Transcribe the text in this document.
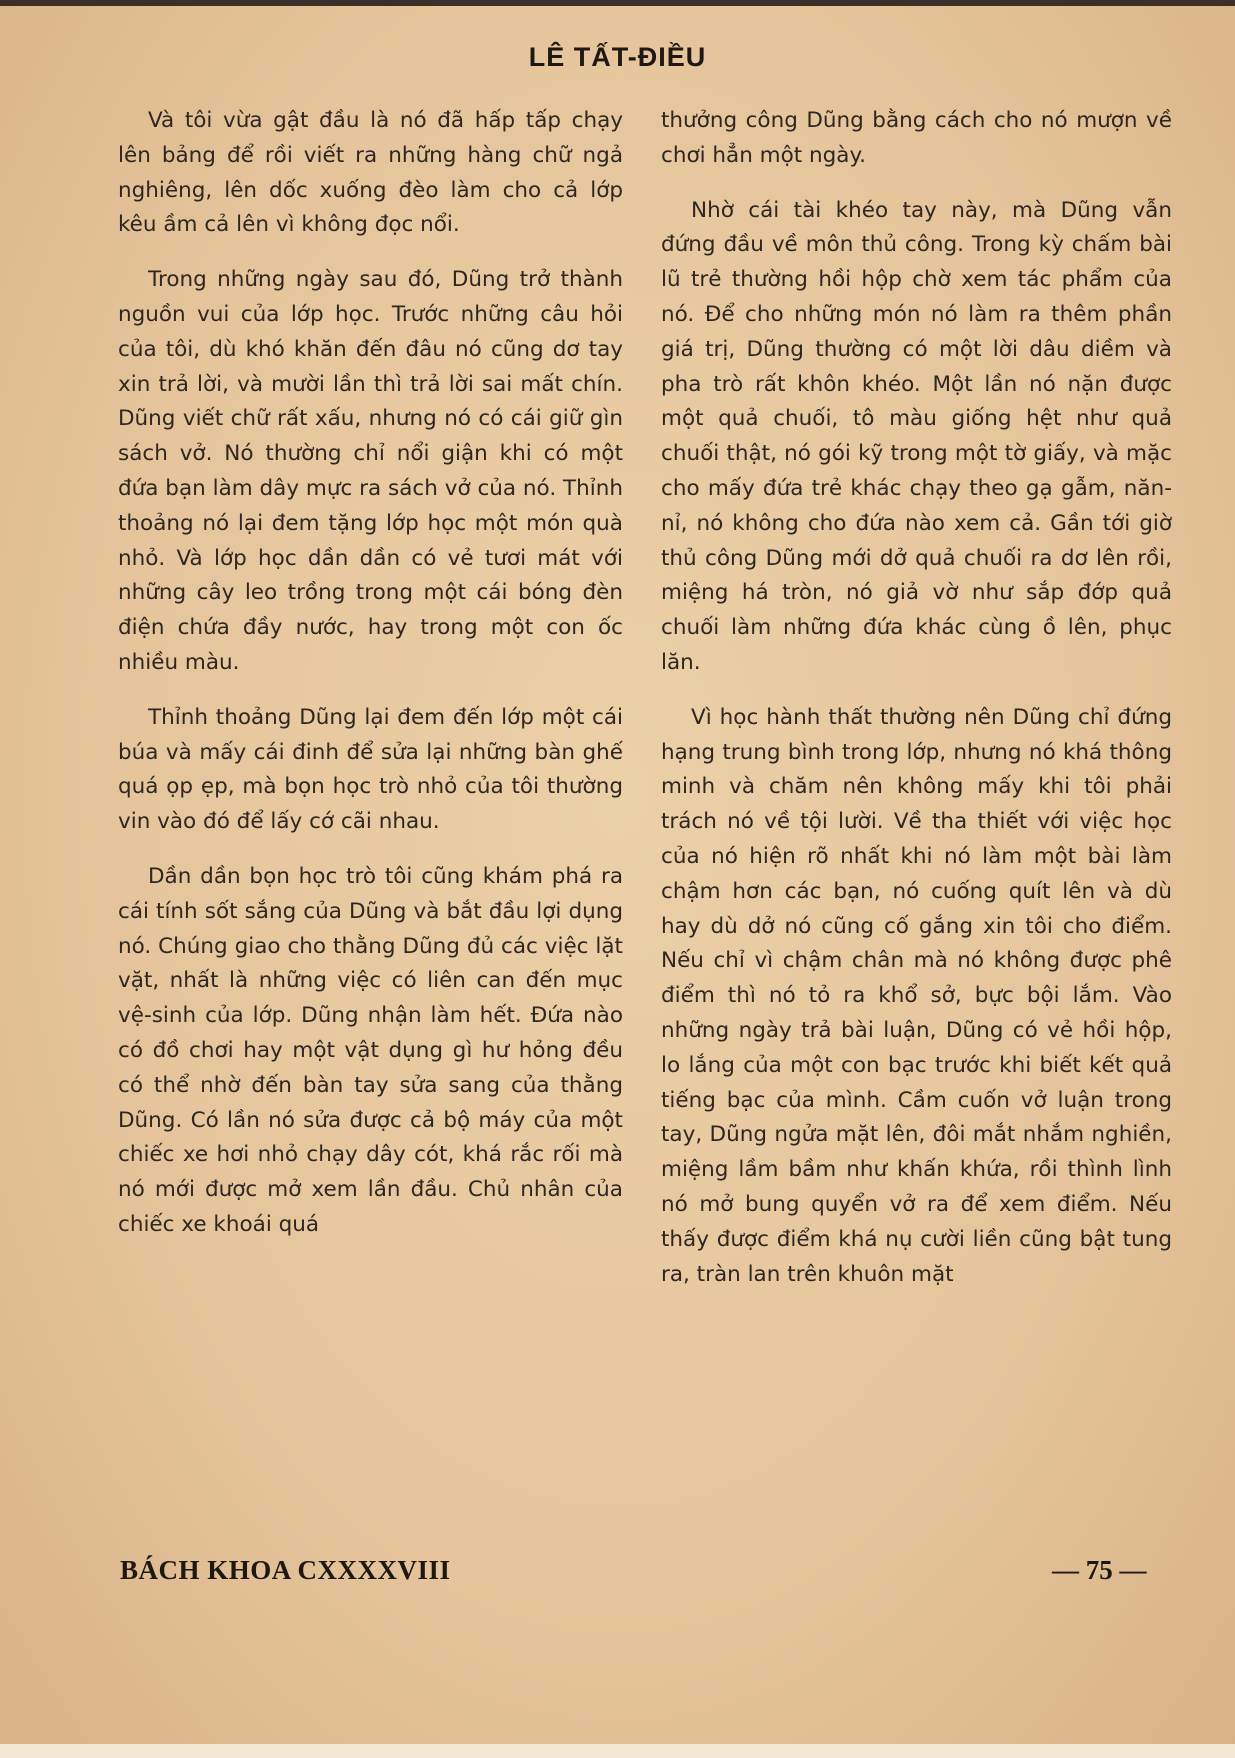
LÊ TẤT-ĐIỀU

Và tôi vừa gật đầu là nó đã hấp tấp chạy lên bảng để rồi viết ra những hàng chữ ngả nghiêng, lên dốc xuống đèo làm cho cả lớp kêu ầm cả lên vì không đọc nổi.

Trong những ngày sau đó, Dũng trở thành nguồn vui của lớp học. Trước những câu hỏi của tôi, dù khó khăn đến đâu nó cũng dơ tay xin trả lời, và mười lần thì trả lời sai mất chín. Dũng viết chữ rất xấu, nhưng nó có cái giữ gìn sách vở. Nó thường chỉ nổi giận khi có một đứa bạn làm dây mực ra sách vở của nó. Thỉnh thoảng nó lại đem tặng lớp học một món quà nhỏ. Và lớp học dần dần có vẻ tươi mát với những cây leo trồng trong một cái bóng đèn điện chứa đầy nước, hay trong một con ốc nhiều màu.

Thỉnh thoảng Dũng lại đem đến lớp một cái búa và mấy cái đinh để sửa lại những bàn ghế quá ọp ẹp, mà bọn học trò nhỏ của tôi thường vin vào đó để lấy cớ cãi nhau.

Dần dần bọn học trò tôi cũng khám phá ra cái tính sốt sắng của Dũng và bắt đầu lợi dụng nó. Chúng giao cho thằng Dũng đủ các việc lặt vặt, nhất là những việc có liên can đến mục vệ-sinh của lớp. Dũng nhận làm hết. Đứa nào có đồ chơi hay một vật dụng gì hư hỏng đều có thể nhờ đến bàn tay sửa sang của thằng Dũng. Có lần nó sửa được cả bộ máy của một chiếc xe hơi nhỏ chạy dây cót, khá rắc rối mà nó mới được mở xem lần đầu. Chủ nhân của chiếc xe khoái quá

thưởng công Dũng bằng cách cho nó mượn về chơi hẳn một ngày.

Nhờ cái tài khéo tay này, mà Dũng vẫn đứng đầu về môn thủ công. Trong kỳ chấm bài lũ trẻ thường hồi hộp chờ xem tác phẩm của nó. Để cho những món nó làm ra thêm phần giá trị, Dũng thường có một lời dâu diềm và pha trò rất khôn khéo. Một lần nó nặn được một quả chuối, tô màu giống hệt như quả chuối thật, nó gói kỹ trong một tờ giấy, và mặc cho mấy đứa trẻ khác chạy theo gạ gẫm, năn-nỉ, nó không cho đứa nào xem cả. Gần tới giờ thủ công Dũng mới dở quả chuối ra dơ lên rồi, miệng há tròn, nó giả vờ như sắp đớp quả chuối làm những đứa khác cùng ồ lên, phục lăn.

Vì học hành thất thường nên Dũng chỉ đứng hạng trung bình trong lớp, nhưng nó khá thông minh và chăm nên không mấy khi tôi phải trách nó về tội lười. Về tha thiết với việc học của nó hiện rõ nhất khi nó làm một bài làm chậm hơn các bạn, nó cuống quít lên và dù hay dù dở nó cũng cố gắng xin tôi cho điểm. Nếu chỉ vì chậm chân mà nó không được phê điểm thì nó tỏ ra khổ sở, bực bội lắm. Vào những ngày trả bài luận, Dũng có vẻ hồi hộp, lo lắng của một con bạc trước khi biết kết quả tiếng bạc của mình. Cầm cuốn vở luận trong tay, Dũng ngửa mặt lên, đôi mắt nhắm nghiền, miệng lầm bầm như khấn khứa, rồi thình lình nó mở bung quyển vở ra để xem điểm. Nếu thấy được điểm khá nụ cười liền cũng bật tung ra, tràn lan trên khuôn mặt

BÁCH KHOA CXXXXVIII	— 75 —
